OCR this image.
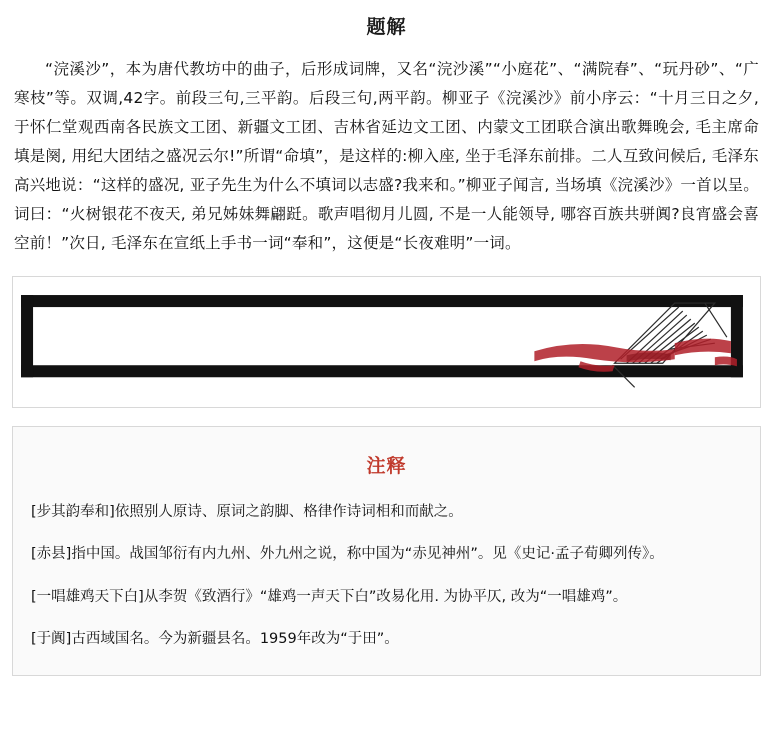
题解

“浣溪沙”，本为唐代教坊中的曲子，后形成词牌，又名“浣沙溪”“小庭花”、“满院春”、“玩丹砂”、“广寒枝”等。双调,42字。前段三句,三平韵。后段三句,两平韵。柳亚子《浣溪沙》前小序云：“十月三日之夕, 于怀仁堂观西南各民族文工团、新疆文工团、吉林省延边文工团、内蒙文工团联合演出歌舞晚会, 毛主席命填是阕, 用纪大团结之盛况云尔!”所谓“命填”，是这样的:柳入座, 坐于毛泽东前排。二人互致问候后, 毛泽东高兴地说：“这样的盛况, 亚子先生为什么不填词以志盛?我来和。”柳亚子闻言, 当场填《浣溪沙》一首以呈。词曰：“火树银花不夜天, 弟兄姊妹舞翩跹。歌声唱彻月儿圆, 不是一人能领导, 哪容百族共骈阗?良宵盛会喜空前！”次日, 毛泽东在宣纸上手书一词“奉和”，这便是“长夜难明”一词。

注释

[步其韵奉和]依照别人原诗、原词之韵脚、格律作诗词相和而献之。

[赤县]指中国。战国邹衍有内九州、外九州之说，称中国为“赤见神州”。见《史记·孟子荀卿列传》。

[一唱雄鸡天下白]从李贺《致酒行》“雄鸡一声天下白”改易化用. 为协平仄, 改为“一唱雄鸡”。

[于阗]古西域国名。今为新疆县名。1959年改为“于田”。
